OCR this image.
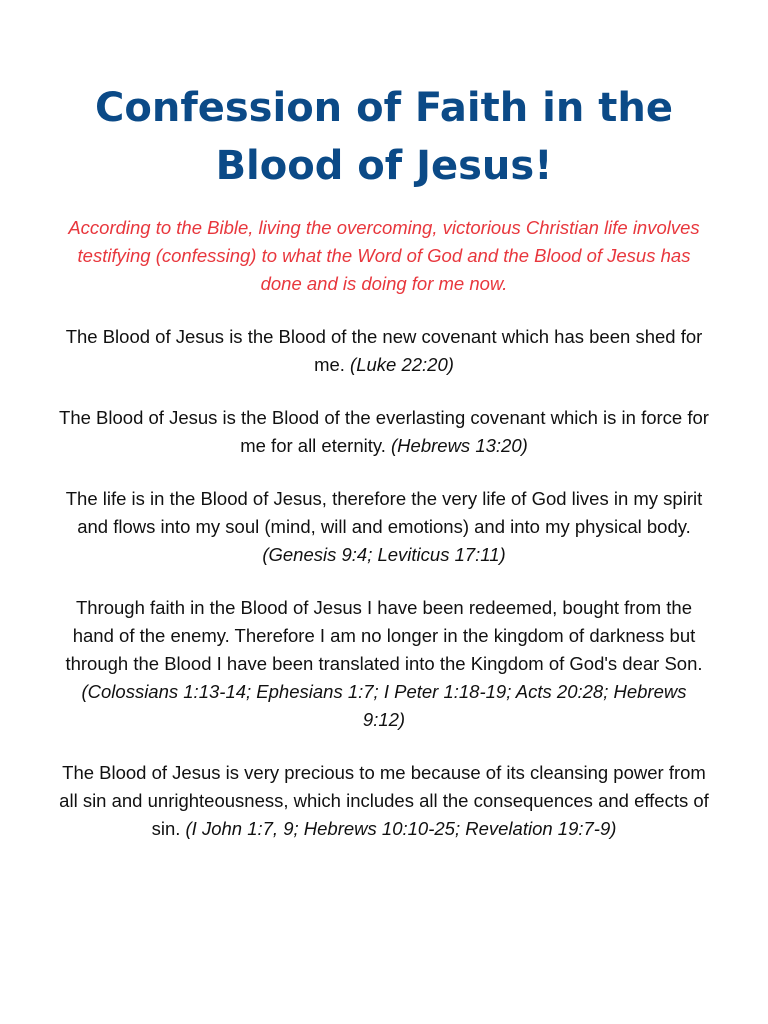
Confession of Faith in the
Blood of Jesus!

According to the Bible, living the overcoming, victorious Christian life involves testifying (confessing) to what the Word of God and the Blood of Jesus has done and is doing for me now.

The Blood of Jesus is the Blood of the new covenant which has been shed for me. (Luke 22:20)

The Blood of Jesus is the Blood of the everlasting covenant which is in force for me for all eternity. (Hebrews 13:20)

The life is in the Blood of Jesus, therefore the very life of God lives in my spirit and flows into my soul (mind, will and emotions) and into my physical body. (Genesis 9:4; Leviticus 17:11)

Through faith in the Blood of Jesus I have been redeemed, bought from the hand of the enemy. Therefore I am no longer in the kingdom of darkness but through the Blood I have been translated into the Kingdom of God's dear Son. (Colossians 1:13-14; Ephesians 1:7; I Peter 1:18-19; Acts 20:28; Hebrews 9:12)

The Blood of Jesus is very precious to me because of its cleansing power from all sin and unrighteousness, which includes all the consequences and effects of sin. (I John 1:7, 9; Hebrews 10:10-25; Revelation 19:7-9)
